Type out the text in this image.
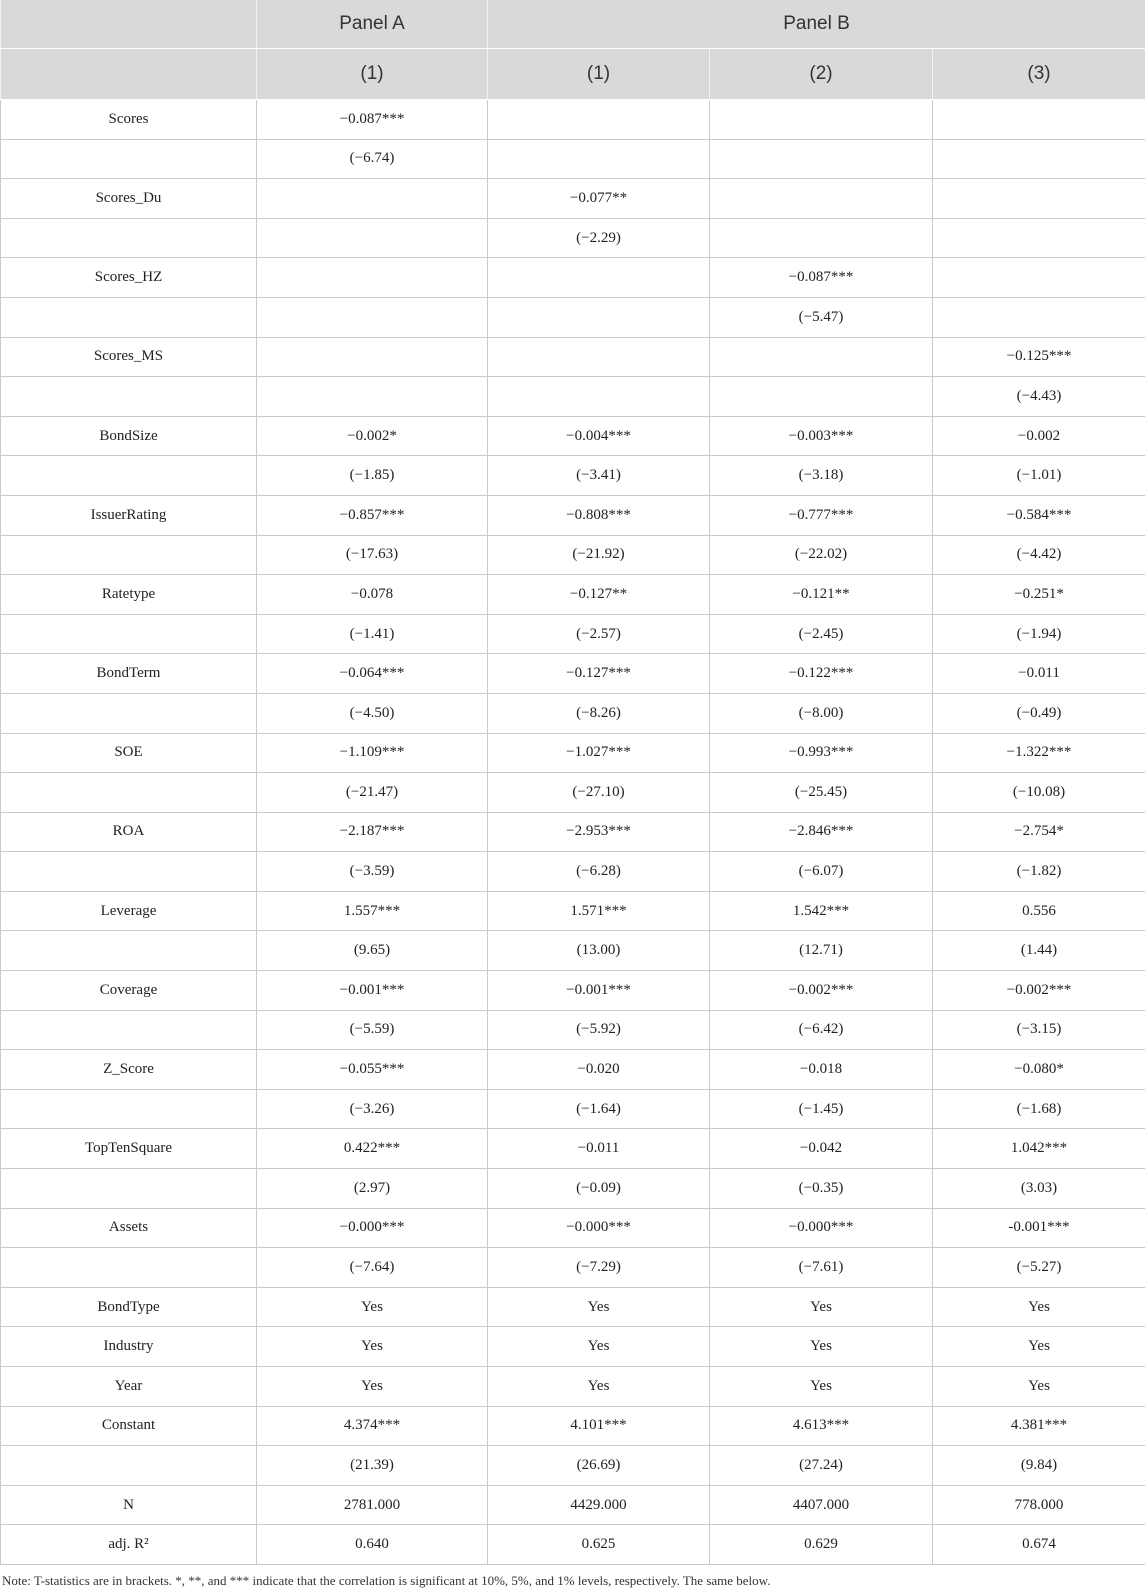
	Panel A	Panel B		
	(1)	(1)	(2)	(3)
Scores	−0.087***			
	(−6.74)			
Scores_Du		−0.077**		
		(−2.29)		
Scores_HZ			−0.087***	
			(−5.47)	
Scores_MS				−0.125***
				(−4.43)
BondSize	−0.002*	−0.004***	−0.003***	−0.002
	(−1.85)	(−3.41)	(−3.18)	(−1.01)
IssuerRating	−0.857***	−0.808***	−0.777***	−0.584***
	(−17.63)	(−21.92)	(−22.02)	(−4.42)
Ratetype	−0.078	−0.127**	−0.121**	−0.251*
	(−1.41)	(−2.57)	(−2.45)	(−1.94)
BondTerm	−0.064***	−0.127***	−0.122***	−0.011
	(−4.50)	(−8.26)	(−8.00)	(−0.49)
SOE	−1.109***	−1.027***	−0.993***	−1.322***
	(−21.47)	(−27.10)	(−25.45)	(−10.08)
ROA	−2.187***	−2.953***	−2.846***	−2.754*
	(−3.59)	(−6.28)	(−6.07)	(−1.82)
Leverage	1.557***	1.571***	1.542***	0.556
	(9.65)	(13.00)	(12.71)	(1.44)
Coverage	−0.001***	−0.001***	−0.002***	−0.002***
	(−5.59)	(−5.92)	(−6.42)	(−3.15)
Z_Score	−0.055***	−0.020	−0.018	−0.080*
	(−3.26)	(−1.64)	(−1.45)	(−1.68)
TopTenSquare	0.422***	−0.011	−0.042	1.042***
	(2.97)	(−0.09)	(−0.35)	(3.03)
Assets	−0.000***	−0.000***	−0.000***	-0.001***
	(−7.64)	(−7.29)	(−7.61)	(−5.27)
BondType	Yes	Yes	Yes	Yes
Industry	Yes	Yes	Yes	Yes
Year	Yes	Yes	Yes	Yes
Constant	4.374***	4.101***	4.613***	4.381***
	(21.39)	(26.69)	(27.24)	(9.84)
N	2781.000	4429.000	4407.000	778.000
adj. R²	0.640	0.625	0.629	0.674
Note: T-statistics are in brackets. *, **, and *** indicate that the correlation is significant at 10%, 5%, and 1% levels, respectively. The same below.
